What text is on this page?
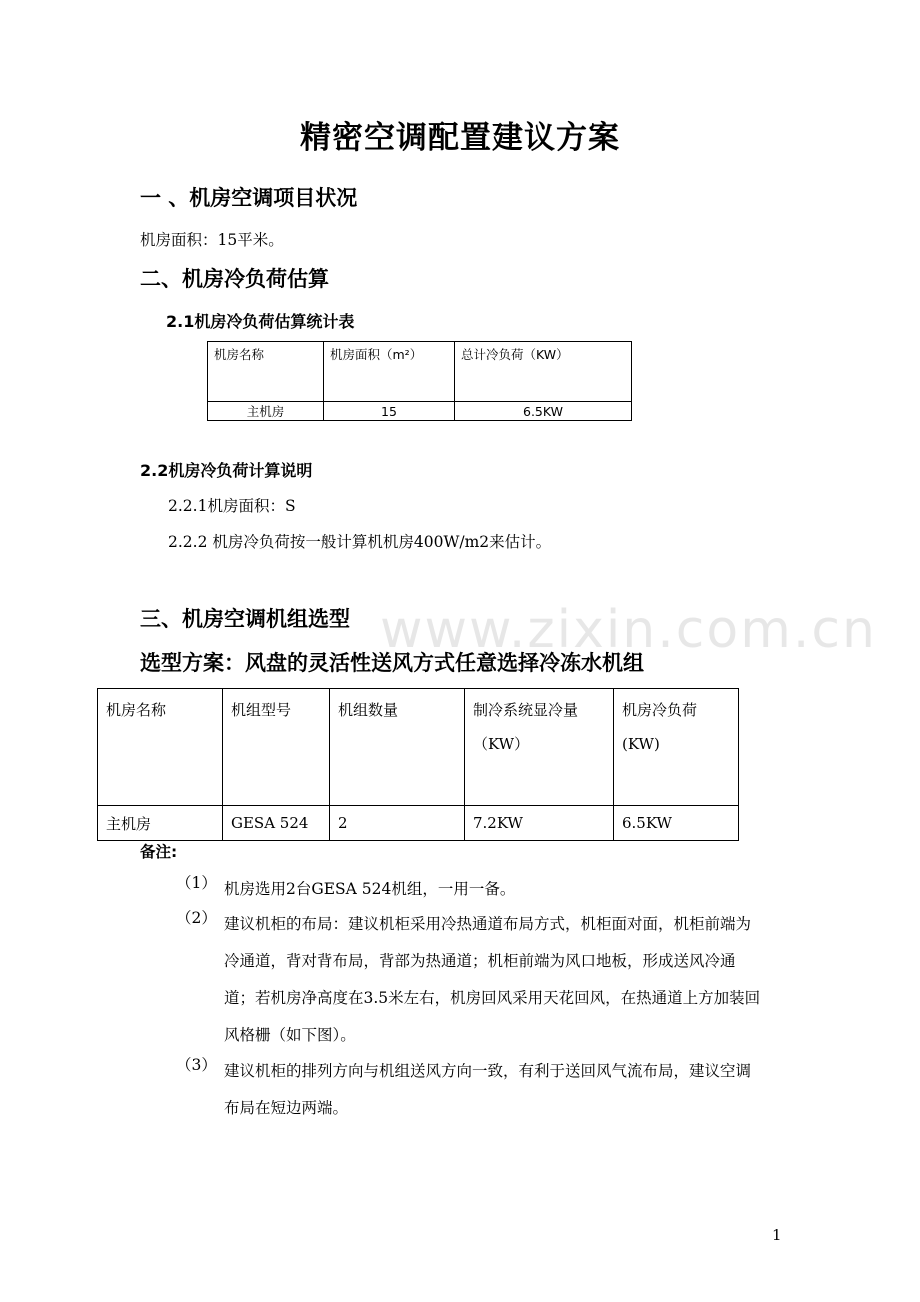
精密空调配置建议方案
一 、机房空调项目状况
机房面积：15平米。
二、机房冷负荷估算
2.1机房冷负荷估算统计表
机房名称	机房面积（m²）	总计冷负荷（KW）
主机房	15	6.5KW
2.2机房冷负荷计算说明
2.2.1机房面积：S
2.2.2 机房冷负荷按一般计算机机房400W/m2来估计。
三、机房空调机组选型 www.zixin.com.cn
选型方案：风盘的灵活性送风方式任意选择冷冻水机组
机房名称	机组型号	机组数量	制冷系统显冷量（KW）	机房冷负荷(KW)
主机房	GESA 524	2	7.2KW	6.5KW
备注:
（1） 机房选用2台GESA 524机组，一用一备。
（2） 建议机柜的布局：建议机柜采用冷热通道布局方式，机柜面对面，机柜前端为冷通道，背对背布局，背部为热通道；机柜前端为风口地板，形成送风冷通道；若机房净高度在3.5米左右，机房回风采用天花回风，在热通道上方加装回风格栅（如下图）。
（3） 建议机柜的排列方向与机组送风方向一致，有利于送回风气流布局，建议空调布局在短边两端。
1
